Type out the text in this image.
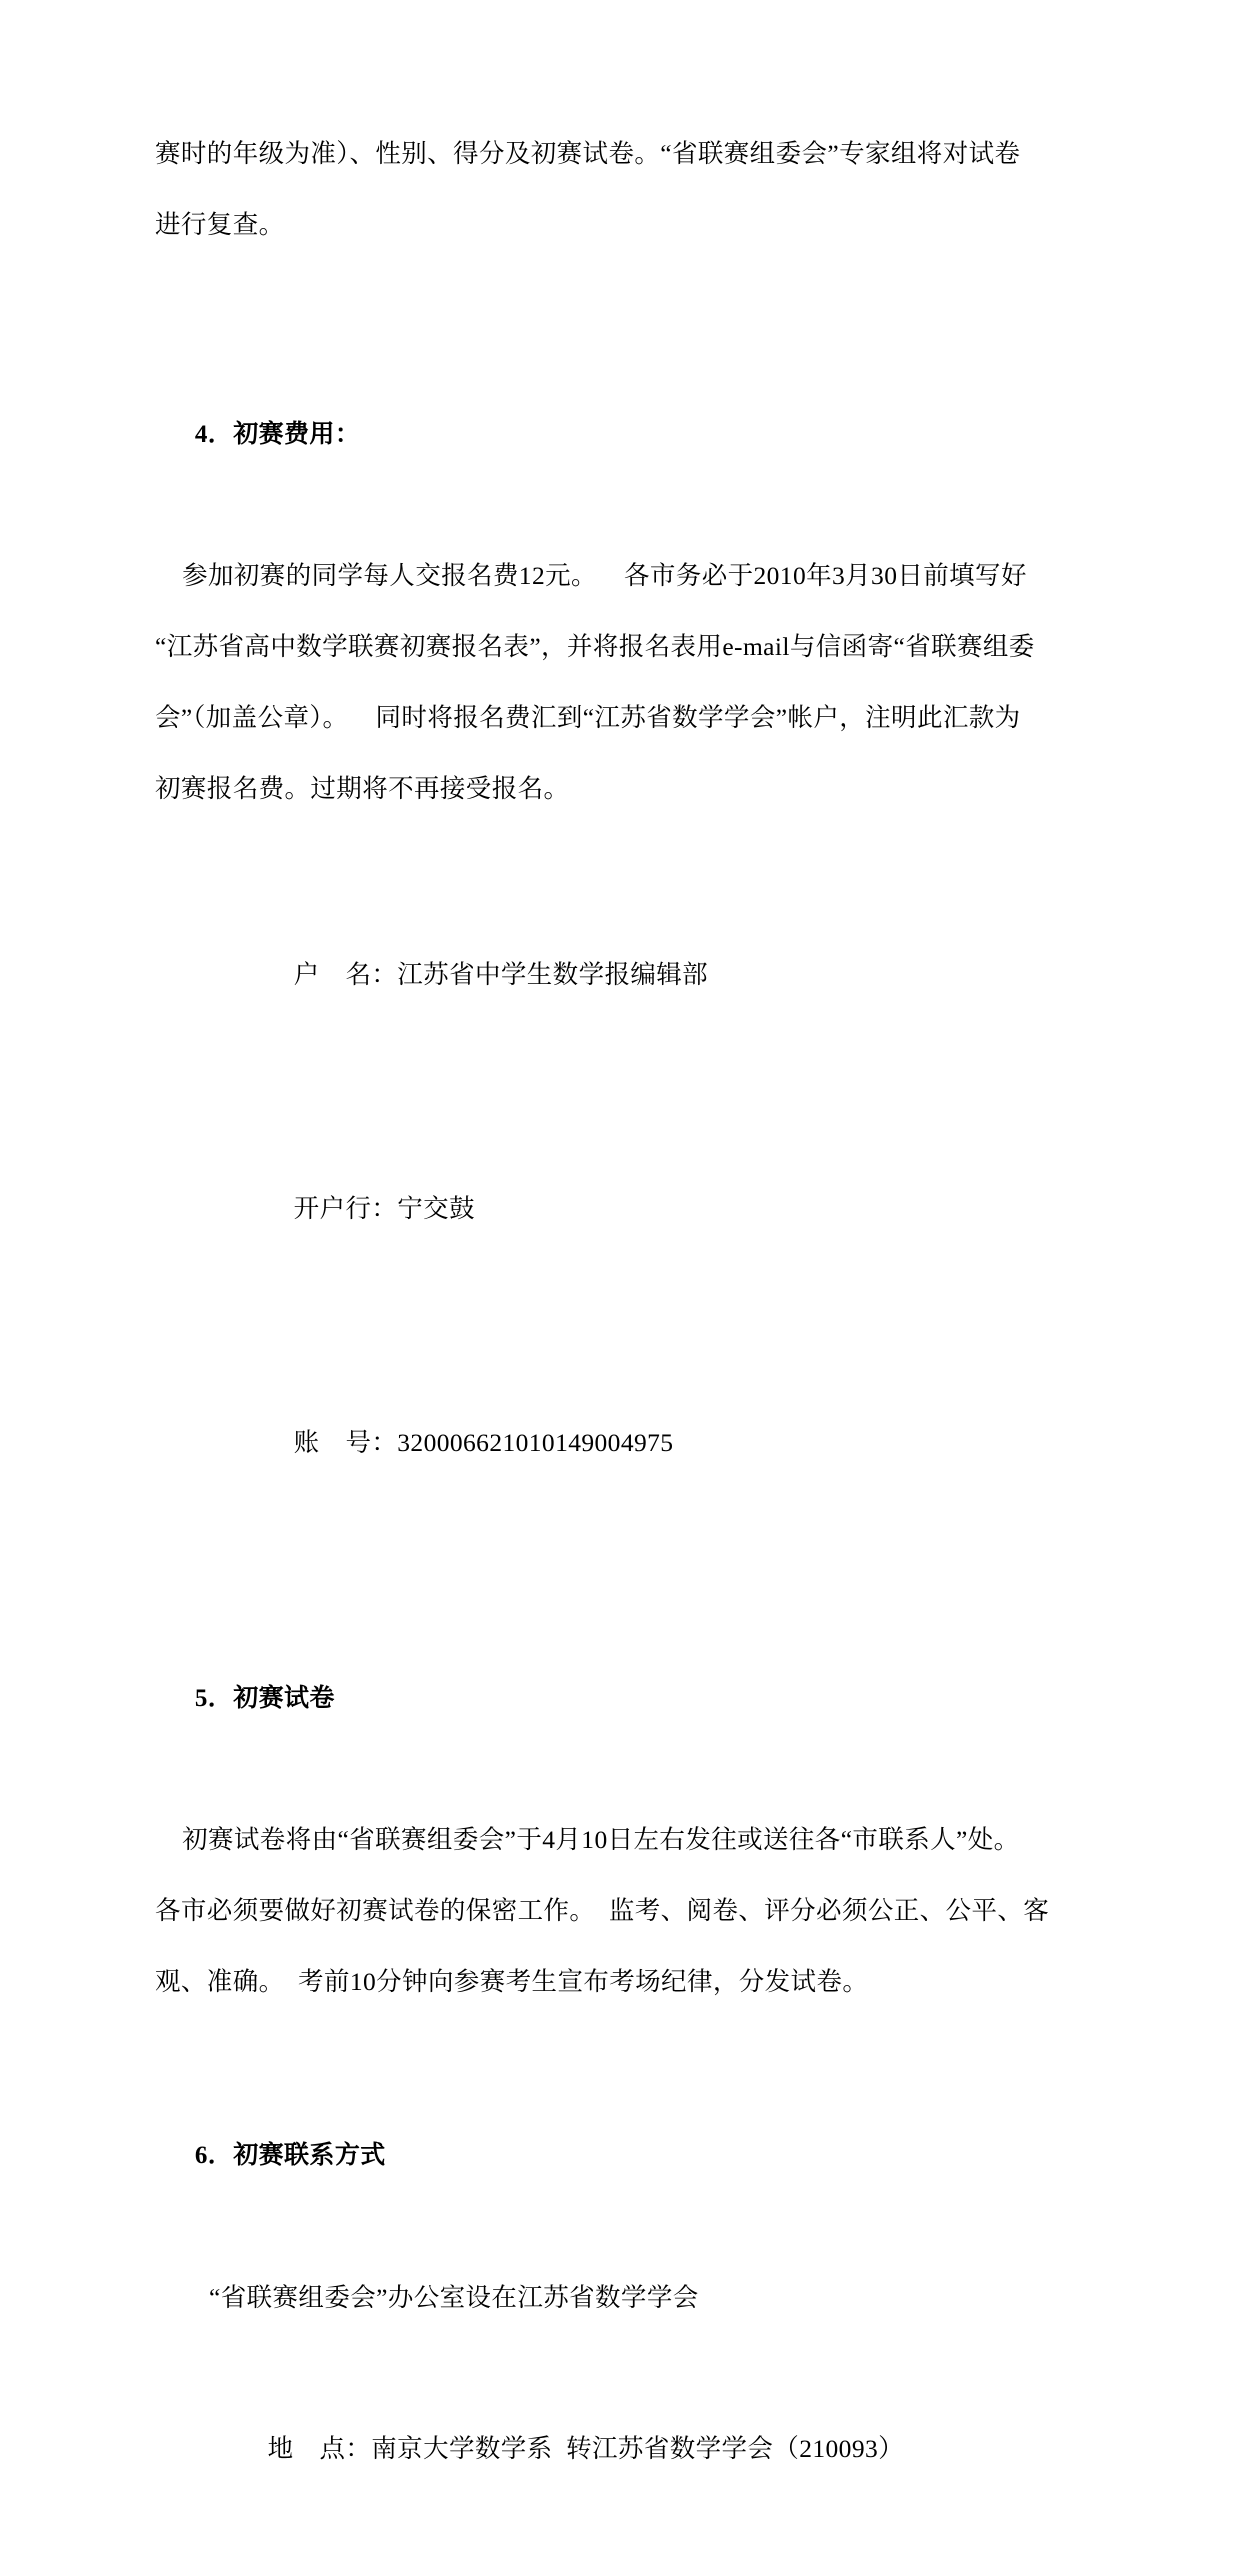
赛时的年级为准）、性别、得分及初赛试卷。“省联赛组委会”专家组将对试卷
进行复查。

4．初赛费用：

参加初赛的同学每人交报名费12元。    各市务必于2010年3月30日前填写好
“江苏省高中数学联赛初赛报名表”，并将报名表用e-mail与信函寄“省联赛组委
会”（加盖公章）。    同时将报名费汇到“江苏省数学学会”帐户，注明此汇款为
初赛报名费。过期将不再接受报名。

户　名：江苏省中学生数学报编辑部

开户行：宁交鼓

账　号：320006621010149004975

5．初赛试卷

初赛试卷将由“省联赛组委会”于4月10日左右发往或送往各“市联系人”处。
各市必须要做好初赛试卷的保密工作。  监考、阅卷、评分必须公正、公平、客
观、准确。  考前10分钟向参赛考生宣布考场纪律，分发试卷。

6．初赛联系方式

“省联赛组委会”办公室设在江苏省数学学会

地　点：南京大学数学系  转江苏省数学学会（210093）
